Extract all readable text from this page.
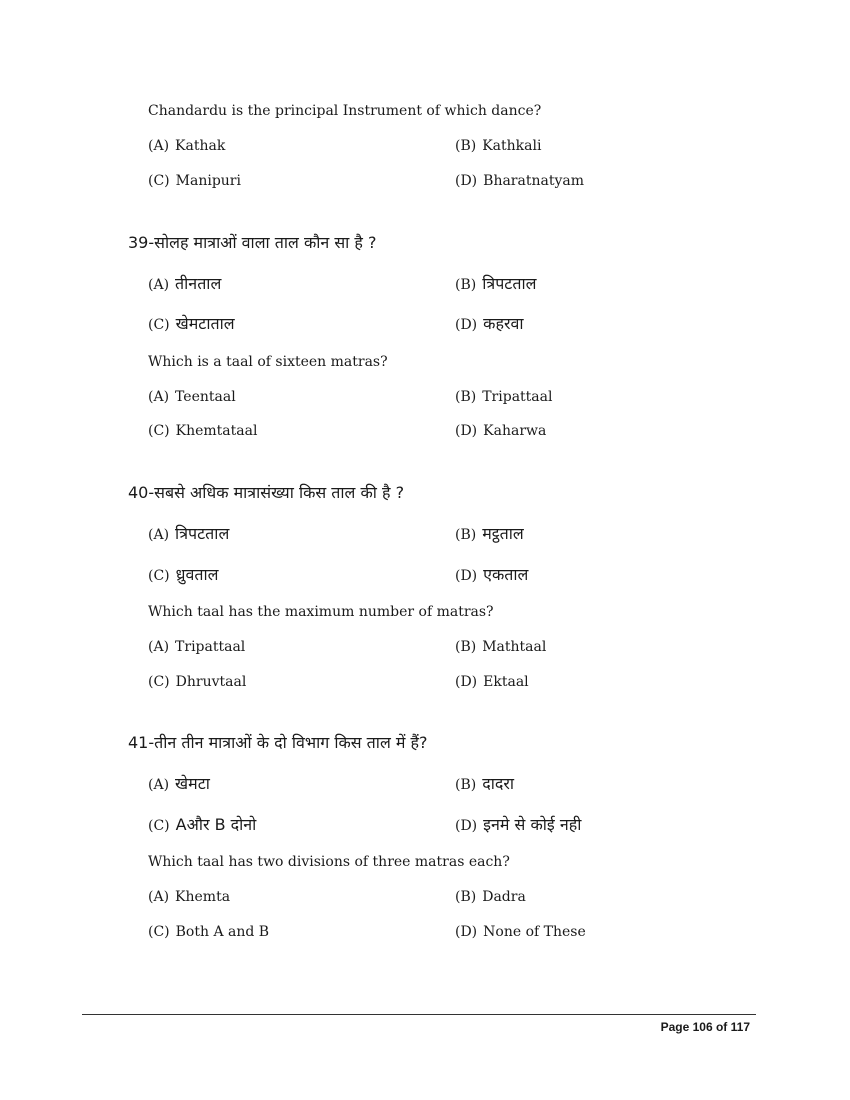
Chandardu is the principal Instrument of which dance?
(A) Kathak	(B) Kathkali
(C) Manipuri	(D) Bharatnatyam
39-सोलह मात्राओं वाला ताल कौन सा है ?
(A) तीनताल	(B) त्रिपटताल
(C) खेमटाताल	(D) कहरवा
Which is a taal of sixteen matras?
(A) Teentaal	(B) Tripattaal
(C) Khemtataal	(D) Kaharwa
40-सबसे अधिक मात्रासंख्या किस ताल की है ?
(A) त्रिपटताल	(B) मट्ठताल
(C) ध्रुवताल	(D) एकताल
Which taal has the maximum number of matras?
(A) Tripattaal	(B) Mathtaal
(C) Dhruvtaal	(D) Ektaal
41-तीन तीन मात्राओं के दो विभाग किस ताल में हैं?
(A) खेमटा	(B) दादरा
(C) Aऔर B दोनो	(D) इनमे से कोई नही
Which taal has two divisions of three matras each?
(A) Khemta	(B) Dadra
(C) Both A and B	(D) None of These
Page 106 of 117
